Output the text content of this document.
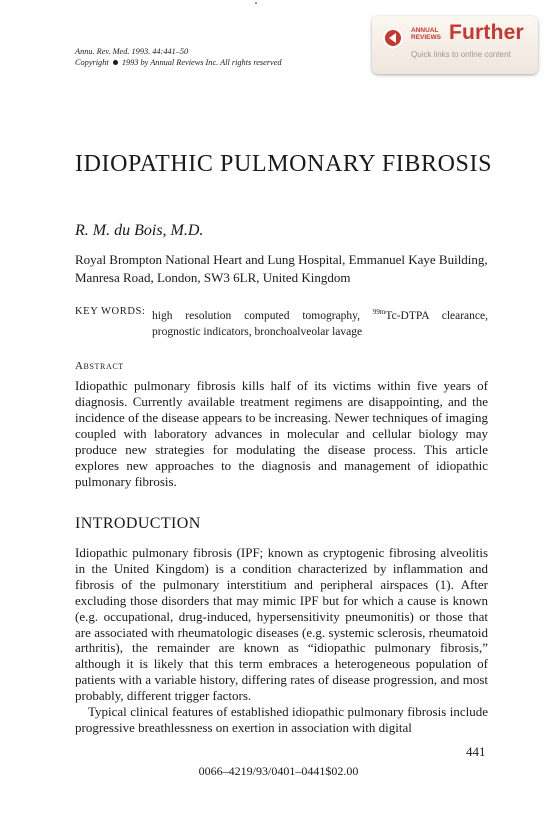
Annu. Rev. Med. 1993. 44:441–50
Copyright 1993 by Annual Reviews Inc. All rights reserved
ANNUAL
REVIEWS Further
Quick links to online content
IDIOPATHIC PULMONARY FIBROSIS
R. M. du Bois, M.D.
Royal Brompton National Heart and Lung Hospital, Emmanuel Kaye Building, Manresa Road, London, SW3 6LR, United Kingdom
KEY WORDS: high resolution computed tomography, $^{99m}$Tc-DTPA clearance, prognostic indicators, bronchoalveolar lavage
Abstract
Idiopathic pulmonary fibrosis kills half of its victims within five years of diagnosis. Currently available treatment regimens are disappointing, and the incidence of the disease appears to be increasing. Newer techniques of imaging coupled with laboratory advances in molecular and cellular biology may produce new strategies for modulating the disease process. This article explores new approaches to the diagnosis and management of idiopathic pulmonary fibrosis.
INTRODUCTION

Idiopathic pulmonary fibrosis (IPF; known as cryptogenic fibrosing alveolitis in the United Kingdom) is a condition characterized by inflammation and fibrosis of the pulmonary interstitium and peripheral airspaces (1). After excluding those disorders that may mimic IPF but for which a cause is known (e.g. occupational, drug-induced, hypersensitivity pneumonitis) or those that are associated with rheumatologic diseases (e.g. systemic sclerosis, rheumatoid arthritis), the remainder are known as “idiopathic pulmonary fibrosis,” although it is likely that this term embraces a heterogeneous population of patients with a variable history, differing rates of disease progression, and most probably, different trigger factors.

Typical clinical features of established idiopathic pulmonary fibrosis include progressive breathlessness on exertion in association with digital

441
0066–4219/93/0401–0441$02.00
